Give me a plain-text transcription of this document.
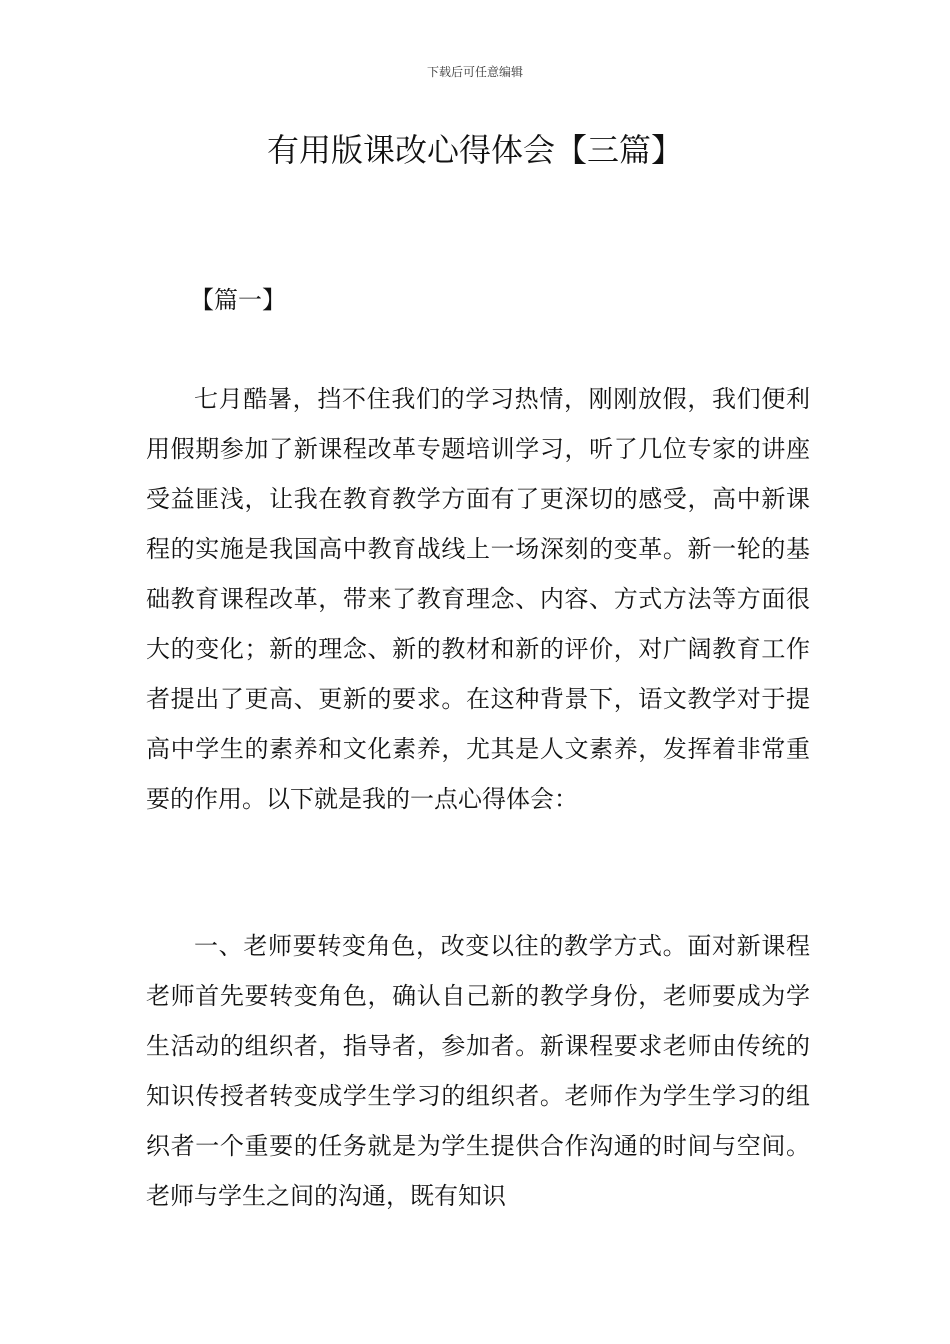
下载后可任意编辑
有用版课改心得体会【三篇】

【篇一】

七月酷暑，挡不住我们的学习热情，刚刚放假，我们便利用假期参加了新课程改革专题培训学习，听了几位专家的讲座受益匪浅，让我在教育教学方面有了更深切的感受，高中新课程的实施是我国高中教育战线上一场深刻的变革。新一轮的基础教育课程改革，带来了教育理念、内容、方式方法等方面很大的变化；新的理念、新的教材和新的评价，对广阔教育工作者提出了更高、更新的要求。在这种背景下，语文教学对于提高中学生的素养和文化素养，尤其是人文素养，发挥着非常重要的作用。以下就是我的一点心得体会：

一、老师要转变角色，改变以往的教学方式。面对新课程老师首先要转变角色，确认自己新的教学身份，老师要成为学生活动的组织者，指导者，参加者。新课程要求老师由传统的知识传授者转变成学生学习的组织者。老师作为学生学习的组织者一个重要的任务就是为学生提供合作沟通的时间与空间。老师与学生之间的沟通，既有知识
